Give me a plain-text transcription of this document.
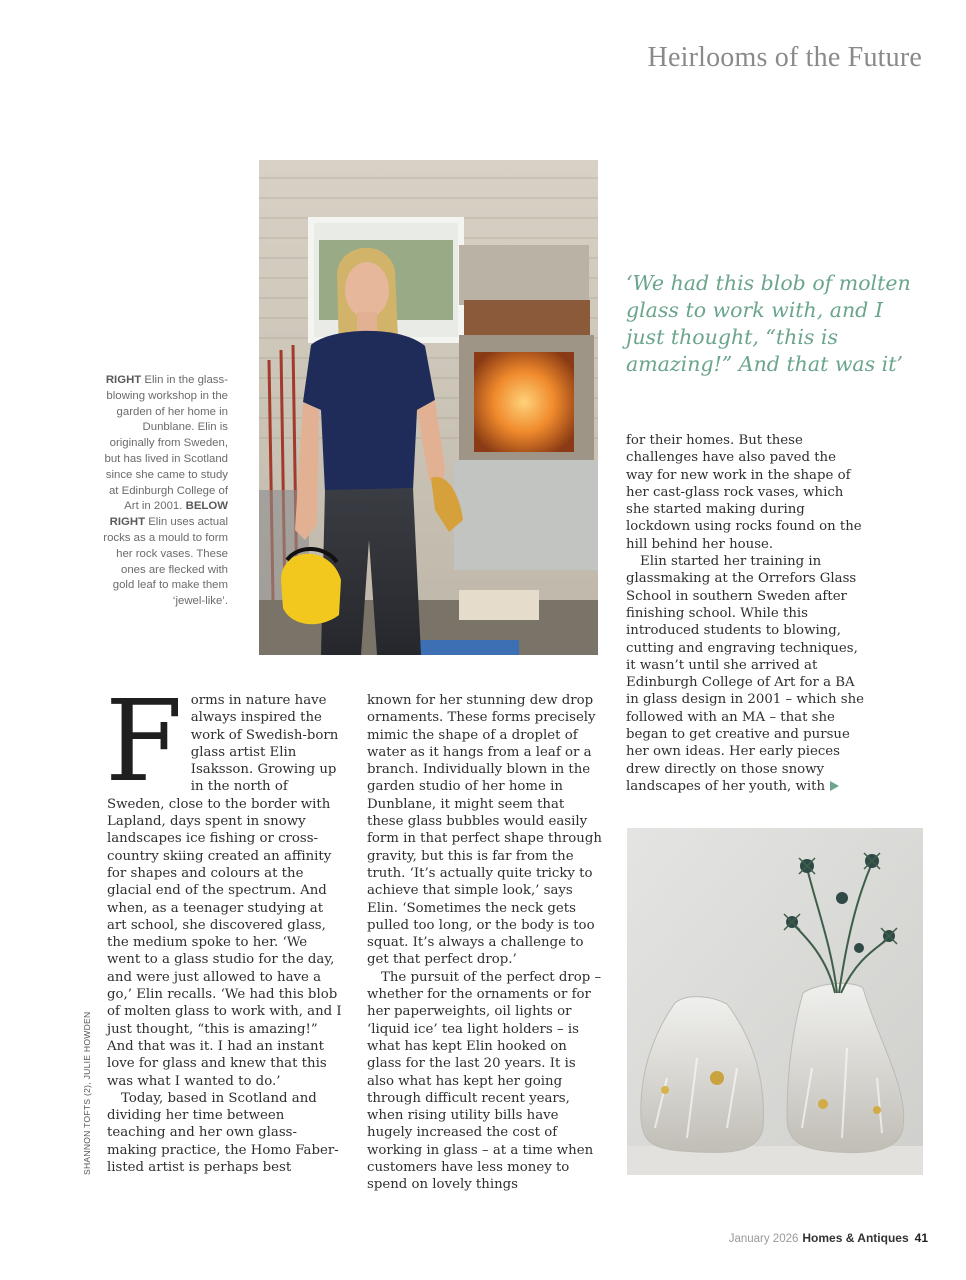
Heirlooms of the Future
RIGHT Elin in the glass-blowing workshop in the garden of her home in Dunblane. Elin is originally from Sweden, but has lived in Scotland since she came to study at Edinburgh College of Art in 2001. BELOW RIGHT Elin uses actual rocks as a mould to form her rock vases. These ones are flecked with gold leaf to make them ‘jewel-like’.
‘We had this blob of molten glass to work with, and I just thought, “this is amazing!” And that was it’
F orms in nature have always inspired the work of Swedish-born glass artist Elin Isaksson. Growing up in the north of Sweden, close to the border with Lapland, days spent in snowy landscapes ice fishing or cross-country skiing created an affinity for shapes and colours at the glacial end of the spectrum. And when, as a teenager studying at art school, she discovered glass, the medium spoke to her. ‘We went to a glass studio for the day, and were just allowed to have a go,’ Elin recalls. ‘We had this blob of molten glass to work with, and I just thought, “this is amazing!” And that was it. I had an instant love for glass and knew that this was what I wanted to do.’

Today, based in Scotland and dividing her time between teaching and her own glass-making practice, the Homo Faber-listed artist is perhaps best

known for her stunning dew drop ornaments. These forms precisely mimic the shape of a droplet of water as it hangs from a leaf or a branch. Individually blown in the garden studio of her home in Dunblane, it might seem that these glass bubbles would easily form in that perfect shape through gravity, but this is far from the truth. ‘It’s actually quite tricky to achieve that simple look,’ says Elin. ‘Sometimes the neck gets pulled too long, or the body is too squat. It’s always a challenge to get that perfect drop.’

The pursuit of the perfect drop – whether for the ornaments or for her paperweights, oil lights or ‘liquid ice’ tea light holders – is what has kept Elin hooked on glass for the last 20 years. It is also what has kept her going through difficult recent years, when rising utility bills have hugely increased the cost of working in glass – at a time when customers have less money to spend on lovely things

for their homes. But these challenges have also paved the way for new work in the shape of her cast-glass rock vases, which she started making during lockdown using rocks found on the hill behind her house.

Elin started her training in glassmaking at the Orrefors Glass School in southern Sweden after finishing school. While this introduced students to blowing, cutting and engraving techniques, it wasn’t until she arrived at Edinburgh College of Art for a BA in glass design in 2001 – which she followed with an MA – that she began to get creative and pursue her own ideas. Her early pieces drew directly on those snowy landscapes of her youth, with

SHANNON TOFTS (2), JULIE HOWDEN
January 2026 Homes & Antiques 41
